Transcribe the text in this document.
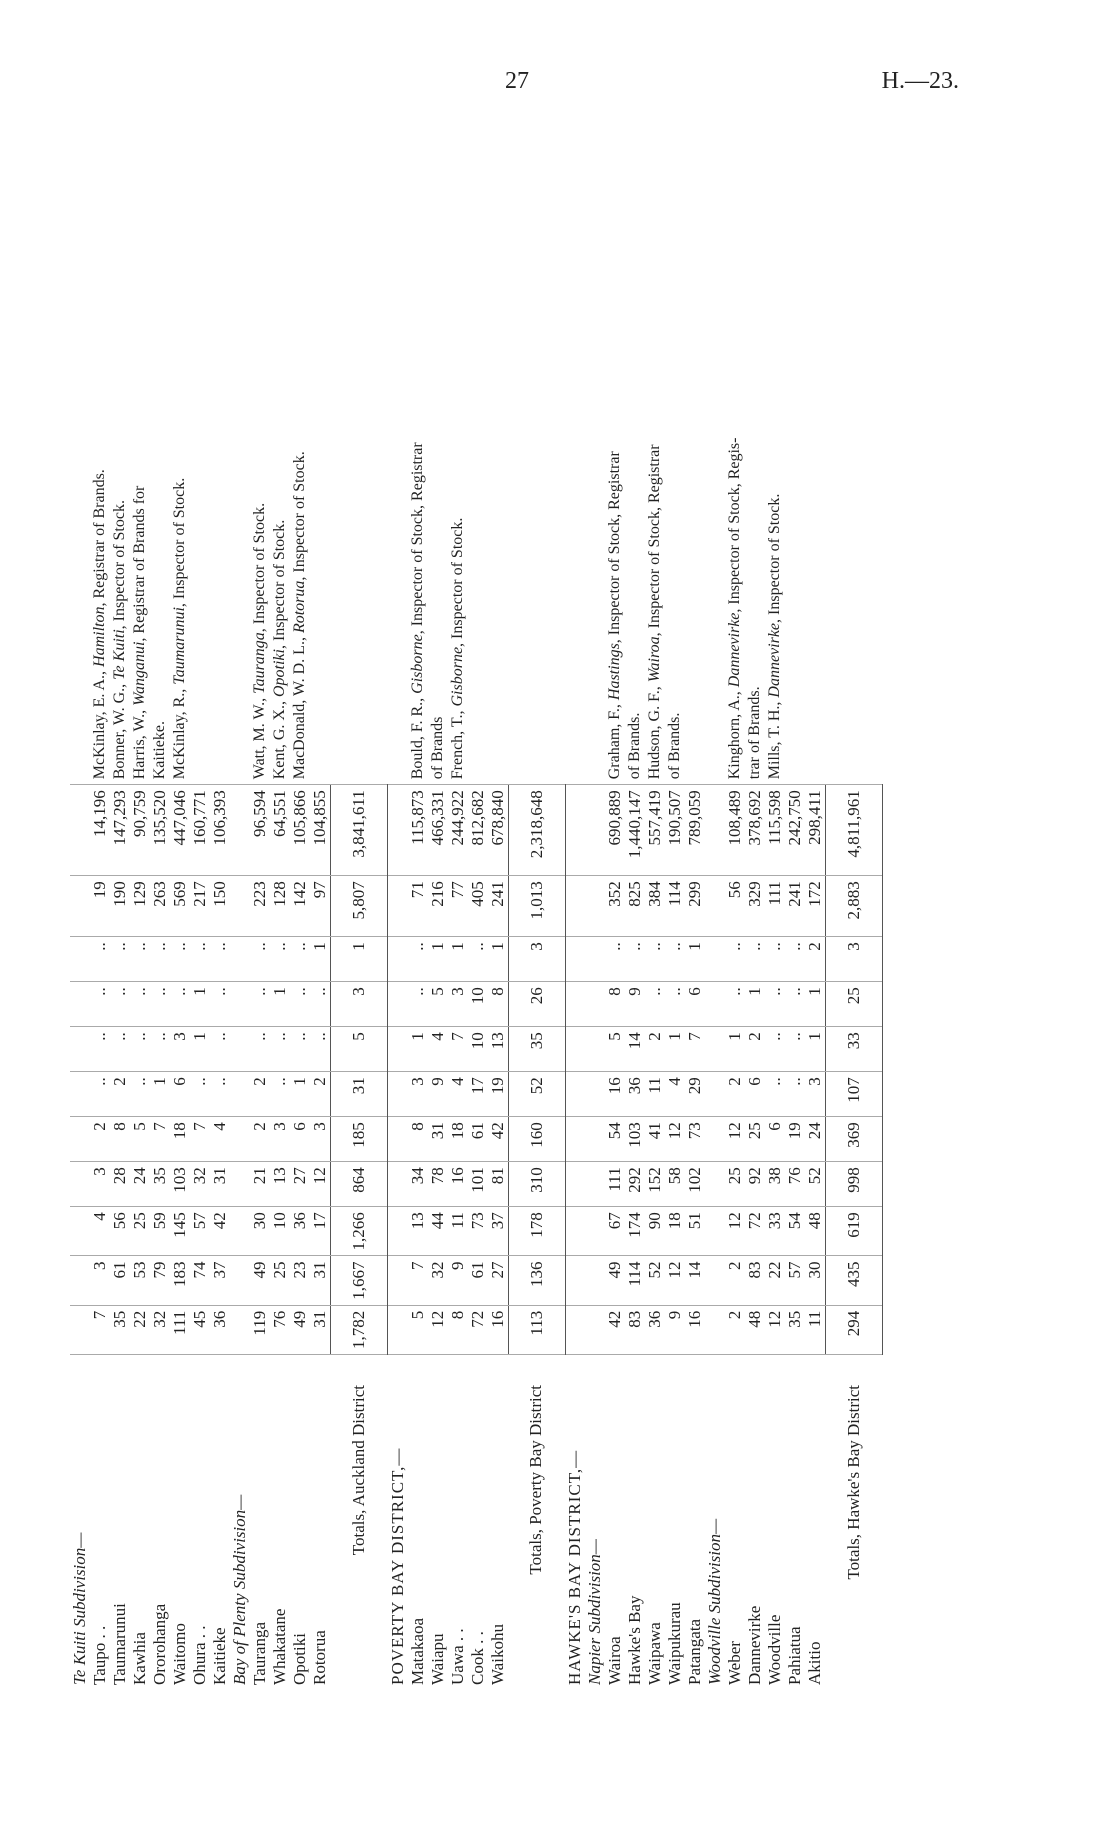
27	H.—23.
Te Kuiti Subdivision—												
Taupo . .	7	3	4	3	2	..	..	..	..	19	14,196	McKinlay, E. A., Hamilton, Registrar of Brands.
Taumarunui	35	61	56	28	8	2	..	..	..	190	147,293	Bonner, W. G., Te Kuiti, Inspector of Stock.
Kawhia	22	53	25	24	5	..	..	..	..	129	90,759	Harris, W., Wanganui, Registrar of Brands for
Ororohanga	32	79	59	35	7	1	..	..	..	263	135,520	Kaitieke.
Waitomo	111	183	145	103	18	6	3	..	..	569	447,046	McKinlay, R., Taumarunui, Inspector of Stock.
Ohura . .	45	74	57	32	7	..	1	1	..	217	160,771	
Kaitieke	36	37	42	31	4	..	..	..	..	150	106,393	
Bay of Plenty Subdivision—												
Tauranga	119	49	30	21	2	2	..	..	..	223	96,594	Watt, M. W., Tauranga, Inspector of Stock.
Whakatane	76	25	10	13	3	..	..	1	..	128	64,551	Kent, G. X., Opotiki, Inspector of Stock.
Opotiki	49	23	36	27	6	1	..	..	..	142	105,866	MacDonald, W. D. L., Rotorua, Inspector of Stock.
Rotorua	31	31	17	12	3	2	..	..	1	97	104,855	
Totals, Auckland District	1,782	1,667	1,266	864	185	31	5	3	1	5,807	3,841,611	
POVERTY BAY DISTRICT,—												
Matakaoa	5	7	13	34	8	3	1	..	..	71	115,873	Bould, F. R., Gisborne, Inspector of Stock, Registrar
Waiapu	12	32	44	78	31	9	4	5	1	216	466,331	of Brands
Uawa . .	8	9	11	16	18	4	7	3	1	77	244,922	French, T., Gisborne, Inspector of Stock.
Cook . .	72	61	73	101	61	17	10	10	..	405	812,682	
Waikohu	16	27	37	81	42	19	13	8	1	241	678,840	
Totals, Poverty Bay District	113	136	178	310	160	52	35	26	3	1,013	2,318,648	
HAWKE'S BAY DISTRICT,—												
Napier Subdivision—												
Wairoa	42	49	67	111	54	16	5	8	..	352	690,889	Graham, F., Hastings, Inspector of Stock, Registrar
Hawke's Bay	83	114	174	292	103	36	14	9	..	825	1,440,147	of Brands.
Waipawa	36	52	90	152	41	11	2	..	..	384	557,419	Hudson, G. F., Wairoa, Inspector of Stock, Registrar
Waipukurau	9	12	18	58	12	4	1	..	..	114	190,507	of Brands.
Patangata	16	14	51	102	73	29	7	6	1	299	789,059	
Woodville Subdivision—												
Weber	2	2	12	25	12	2	1	..	..	56	108,489	Kinghorn, A., Dannevirke, Inspector of Stock, Regis-
Dannevirke	48	83	72	92	25	6	2	1	..	329	378,692	trar of Brands.
Woodville	12	22	33	38	6	..	..	..	..	111	115,598	Mills, T. H., Dannevirke, Inspector of Stock.
Pahiatua	35	57	54	76	19	..	..	..	..	241	242,750	
Akitio	11	30	48	52	24	3	1	1	2	172	298,411	
Totals, Hawke's Bay District	294	435	619	998	369	107	33	25	3	2,883	4,811,961	
